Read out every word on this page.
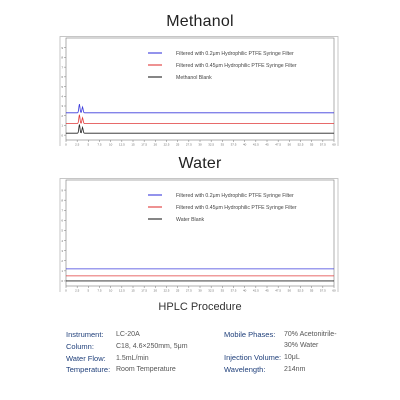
Methanol
0
1
2
3
4
5
6
7
8
9
0	2.5	5	7.5 10 12.5 15 17.5 20 22.5 25 27.5 30 32.5 35 37.5 40 42.5 45 47.5 50 52.5 55 57.5 60
Filtered with 0.2μm Hydrophilic PTFE Syringe Filter
Filtered with 0.45μm Hydrophilic PTFE Syringe Filter
Methanol Blank
Water
0
1
2
3
4
5
6
7
8
9
0	2.5	5	7.5 10 12.5 15 17.5 20 22.5 25 27.5 30 32.5 35 37.5 40 42.5 45 47.5 50 52.5 55 57.5 60
Filtered with 0.2μm Hydrophilic PTFE Syringe Filter
Filtered with 0.45μm Hydrophilic PTFE Syringe Filter
Water Blank
HPLC Procedure
Instrument: LC-20A
Column:	C18, 4.6×250mm, 5μm
Water Flow: 1.5mL/min
Temperature: Room Temperature
Mobile Phases: 70% Acetonitrile-
30% Water
Injection Volume: 10μL
Wavelength:	214nm
